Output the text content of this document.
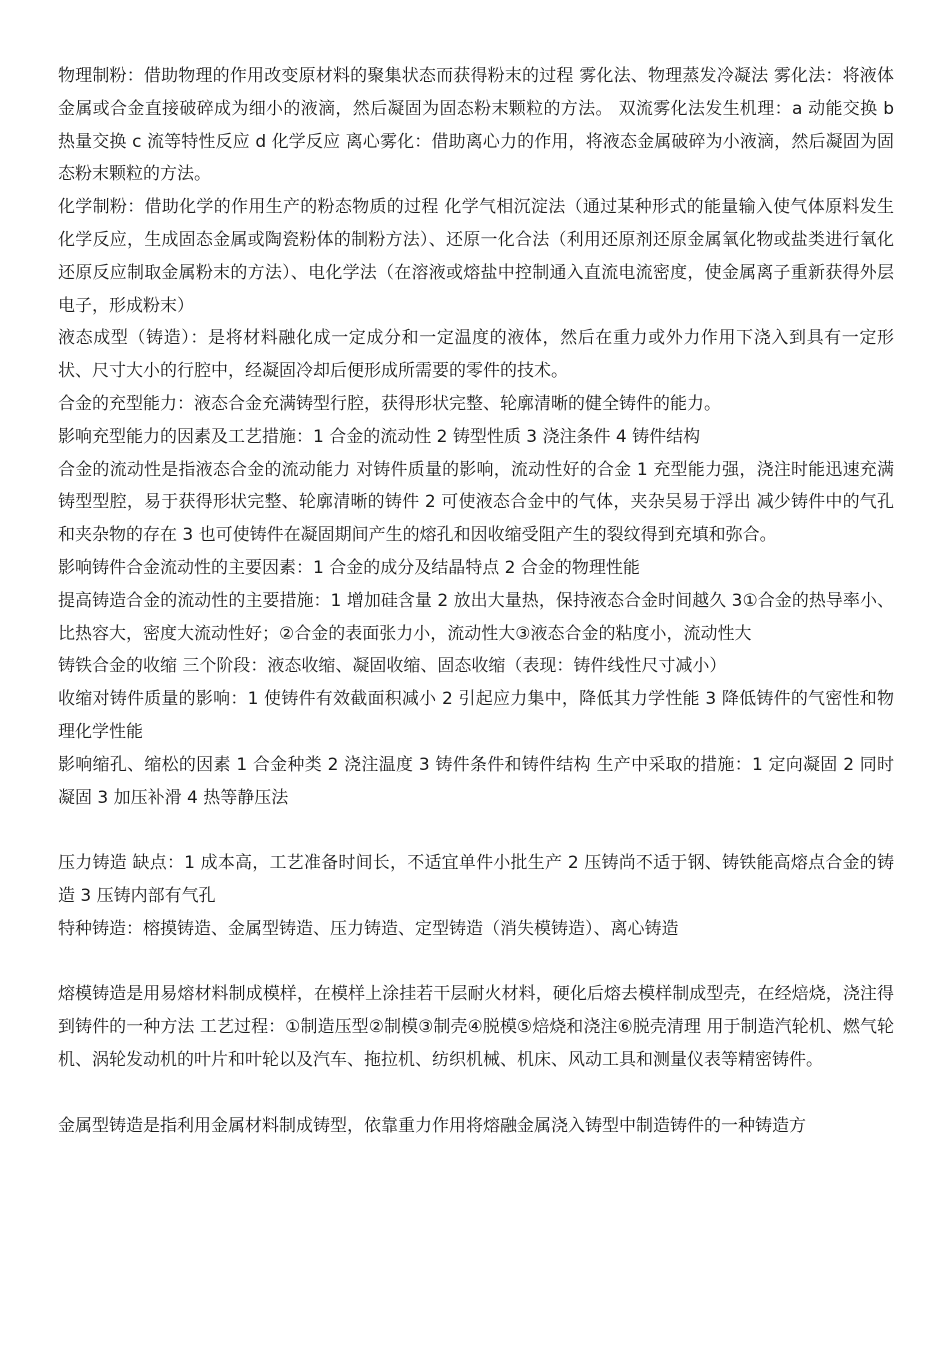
物理制粉：借助物理的作用改变原材料的聚集状态而获得粉末的过程 雾化法、物理蒸发冷凝法 雾化法：将液体金属或合金直接破碎成为细小的液滴，然后凝固为固态粉末颗粒的方法。 双流雾化法发生机理：a 动能交换 b 热量交换 c 流等特性反应 d 化学反应 离心雾化：借助离心力的作用，将液态金属破碎为小液滴，然后凝固为固态粉末颗粒的方法。

化学制粉：借助化学的作用生产的粉态物质的过程 化学气相沉淀法（通过某种形式的能量输入使气体原料发生化学反应，生成固态金属或陶瓷粉体的制粉方法）、还原一化合法（利用还原剂还原金属氧化物或盐类进行氧化还原反应制取金属粉末的方法）、电化学法（在溶液或熔盐中控制通入直流电流密度，使金属离子重新获得外层电子，形成粉末）

液态成型（铸造）：是将材料融化成一定成分和一定温度的液体，然后在重力或外力作用下浇入到具有一定形状、尺寸大小的行腔中，经凝固冷却后便形成所需要的零件的技术。

合金的充型能力：液态合金充满铸型行腔，获得形状完整、轮廓清晰的健全铸件的能力。

影响充型能力的因素及工艺措施：1 合金的流动性 2 铸型性质 3 浇注条件 4 铸件结构

合金的流动性是指液态合金的流动能力 对铸件质量的影响，流动性好的合金 1 充型能力强，浇注时能迅速充满铸型型腔，易于获得形状完整、轮廓清晰的铸件 2 可使液态合金中的气体，夹杂吴易于浮出 减少铸件中的气孔和夹杂物的存在 3 也可使铸件在凝固期间产生的熔孔和因收缩受阻产生的裂纹得到充填和弥合。

影响铸件合金流动性的主要因素：1 合金的成分及结晶特点 2 合金的物理性能

提高铸造合金的流动性的主要措施：1 增加硅含量 2 放出大量热，保持液态合金时间越久 3①合金的热导率小、比热容大，密度大流动性好；②合金的表面张力小，流动性大③液态合金的粘度小，流动性大

铸铁合金的收缩 三个阶段：液态收缩、凝固收缩、固态收缩（表现：铸件线性尺寸减小）

收缩对铸件质量的影响：1 使铸件有效截面积减小 2 引起应力集中，降低其力学性能 3 降低铸件的气密性和物理化学性能

影响缩孔、缩松的因素 1 合金种类 2 浇注温度 3 铸件条件和铸件结构 生产中采取的措施：1 定向凝固 2 同时凝固 3 加压补滑 4 热等静压法

压力铸造 缺点：1 成本高，工艺准备时间长，不适宜单件小批生产 2 压铸尚不适于钢、铸铁能高熔点合金的铸造 3 压铸内部有气孔

特种铸造：榕摸铸造、金属型铸造、压力铸造、定型铸造（消失模铸造）、离心铸造

熔模铸造是用易熔材料制成模样，在模样上涂挂若干层耐火材料，硬化后熔去模样制成型壳，在经焙烧，浇注得到铸件的一种方法 工艺过程：①制造压型②制模③制壳④脱模⑤焙烧和浇注⑥脱壳清理 用于制造汽轮机、燃气轮机、涡轮发动机的叶片和叶轮以及汽车、拖拉机、纺织机械、机床、风动工具和测量仪表等精密铸件。

金属型铸造是指利用金属材料制成铸型，依靠重力作用将熔融金属浇入铸型中制造铸件的一种铸造方
